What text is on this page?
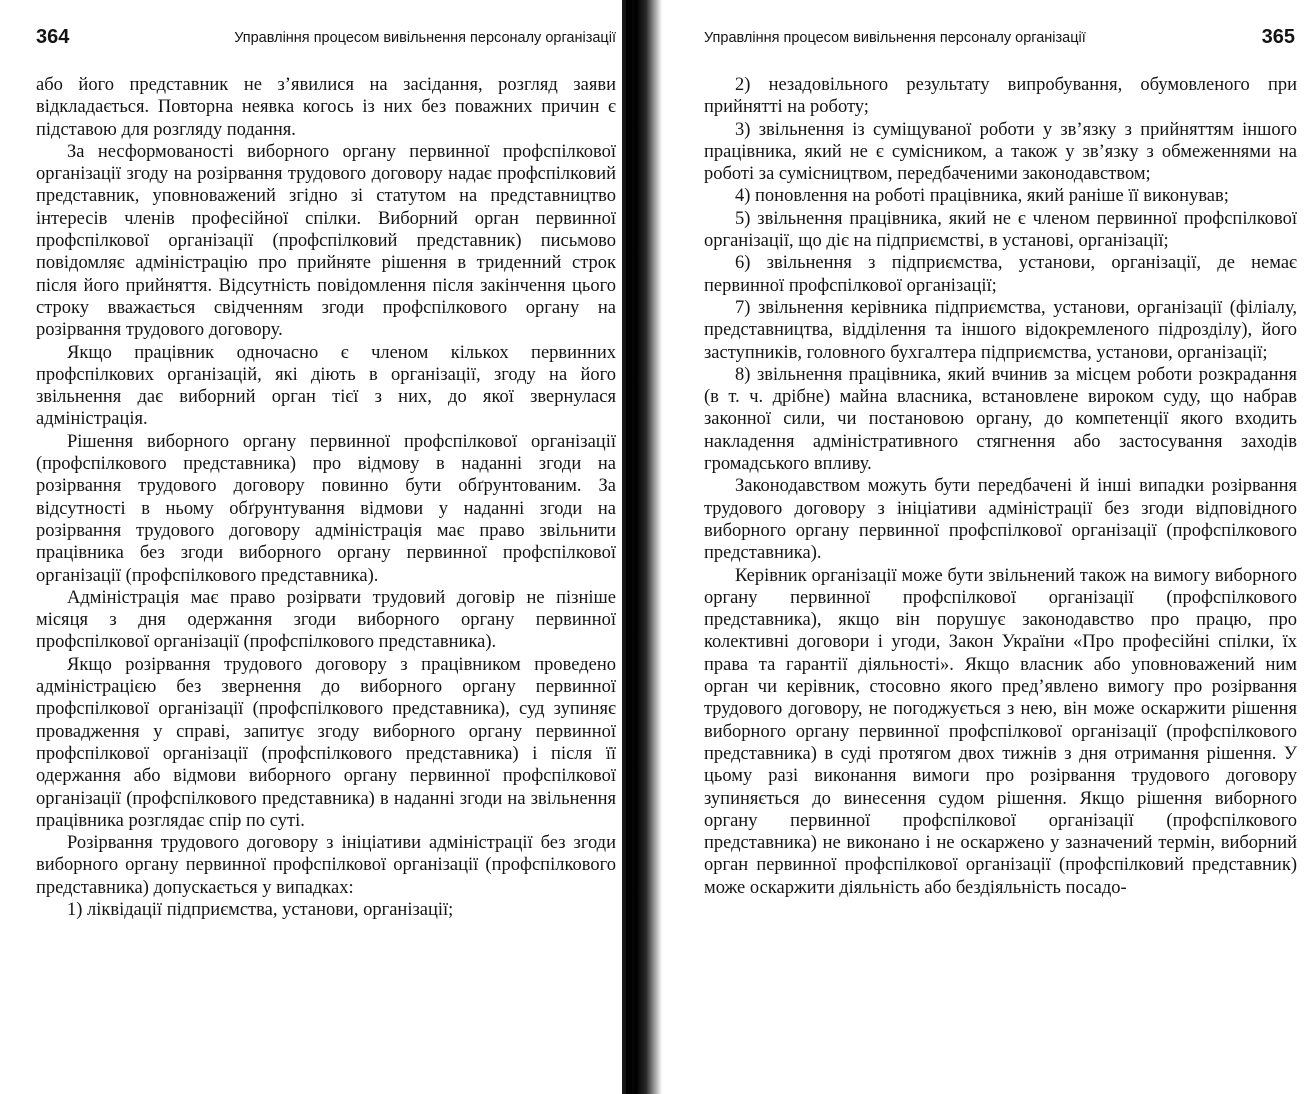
364	Управління процесом вивільнення персоналу організації

або його представник не з’явилися на засідання, розгляд заяви відкладається. Повторна неявка когось із них без поважних причин є підставою для розгляду подання.

За несформованості виборного органу первинної профспілкової організації згоду на розірвання трудового договору надає профспілковий представник, уповноважений згідно зі статутом на представництво інтересів членів професійної спілки. Виборний орган первинної профспілкової організації (профспілковий представник) письмово повідомляє адміністрацію про прийняте рішення в триденний строк після його прийняття. Відсутність повідомлення після закінчення цього строку вважається свідченням згоди профспілкового органу на розірвання трудового договору.

Якщо працівник одночасно є членом кількох первинних профспілкових організацій, які діють в організації, згоду на його звільнення дає виборний орган тієї з них, до якої звернулася адміністрація.

Рішення виборного органу первинної профспілкової організації (профспілкового представника) про відмову в наданні згоди на розірвання трудового договору повинно бути обґрунтованим. За відсутності в ньому обґрунтування відмови у наданні згоди на розірвання трудового договору адміністрація має право звільнити працівника без згоди виборного органу первинної профспілкової організації (профспілкового представника).

Адміністрація має право розірвати трудовий договір не пізніше місяця з дня одержання згоди виборного органу первинної профспілкової організації (профспілкового представника).

Якщо розірвання трудового договору з працівником проведено адміністрацією без звернення до виборного органу первинної профспілкової організації (профспілкового представника), суд зупиняє провадження у справі, запитує згоду виборного органу первинної профспілкової організації (профспілкового представника) і після її одержання або відмови виборного органу первинної профспілкової організації (профспілкового представника) в наданні згоди на звільнення працівника розглядає спір по суті.

Розірвання трудового договору з ініціативи адміністрації без згоди виборного органу первинної профспілкової організації (профспілкового представника) допускається у випадках:

1) ліквідації підприємства, установи, організації;

Управління процесом вивільнення персоналу організації	365

2) незадовільного результату випробування, обумовленого при прийнятті на роботу;

3) звільнення із суміщуваної роботи у зв’язку з прийняттям іншого працівника, який не є сумісником, а також у зв’язку з обмеженнями на роботі за сумісництвом, передбаченими законодавством;

4) поновлення на роботі працівника, який раніше її виконував;

5) звільнення працівника, який не є членом первинної профспілкової організації, що діє на підприємстві, в установі, організації;

6) звільнення з підприємства, установи, організації, де немає первинної профспілкової організації;

7) звільнення керівника підприємства, установи, організації (філіалу, представництва, відділення та іншого відокремленого підрозділу), його заступників, головного бухгалтера підприємства, установи, організації;

8) звільнення працівника, який вчинив за місцем роботи розкрадання (в т. ч. дрібне) майна власника, встановлене вироком суду, що набрав законної сили, чи постановою органу, до компетенції якого входить накладення адміністративного стягнення або застосування заходів громадського впливу.

Законодавством можуть бути передбачені й інші випадки розірвання трудового договору з ініціативи адміністрації без згоди відповідного виборного органу первинної профспілкової організації (профспілкового представника).

Керівник організації може бути звільнений також на вимогу виборного органу первинної профспілкової організації (профспілкового представника), якщо він порушує законодавство про працю, про колективні договори і угоди, Закон України «Про професійні спілки, їх права та гарантії діяльності». Якщо власник або уповноважений ним орган чи керівник, стосовно якого пред’явлено вимогу про розірвання трудового договору, не погоджується з нею, він може оскаржити рішення виборного органу первинної профспілкової організації (профспілкового представника) в суді протягом двох тижнів з дня отримання рішення. У цьому разі виконання вимоги про розірвання трудового договору зупиняється до винесення судом рішення. Якщо рішення виборного органу первинної профспілкової організації (профспілкового представника) не виконано і не оскаржено у зазначений термін, виборний орган первинної профспілкової організації (профспілковий представник) може оскаржити діяльність або бездіяльність посадо-
